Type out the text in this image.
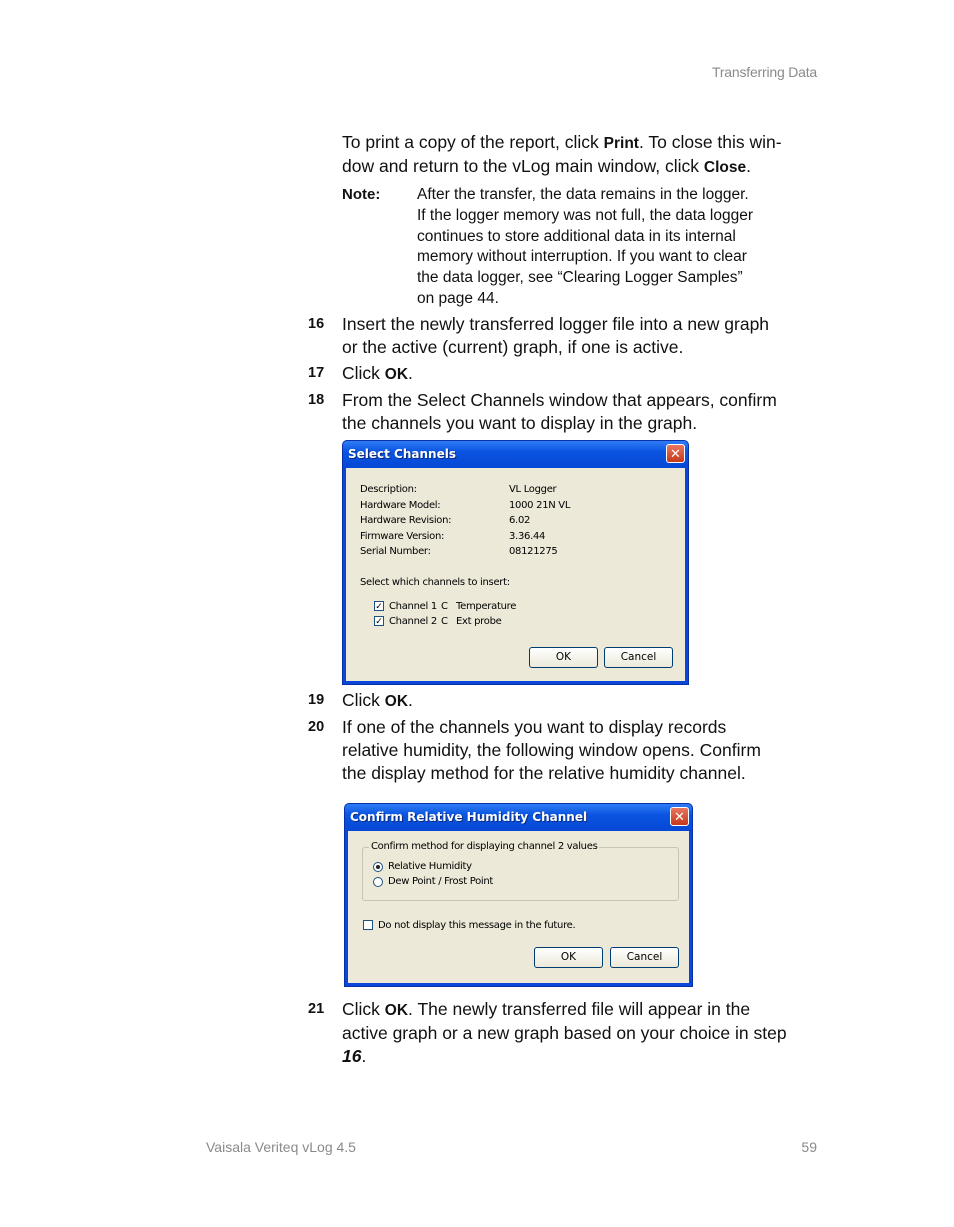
Transferring Data
To print a copy of the report, click Print. To close this win-
dow and return to the vLog main window, click Close.
Note: After the transfer, the data remains in the logger.
If the logger memory was not full, the data logger
continues to store additional data in its internal
memory without interruption. If you want to clear
the data logger, see “Clearing Logger Samples”
on page 44.
16 Insert the newly transferred logger file into a new graph
or the active (current) graph, if one is active.
17 Click OK.
18 From the Select Channels window that appears, confirm
the channels you want to display in the graph.
Select Channels	✕
Description:	VL Logger
Hardware Model:	1000 21N VL
Hardware Revision:	6.02
Firmware Version:	3.36.44
Serial Number:	08121275
Select which channels to insert:
✓ Channel 1 C Temperature
✓ Channel 2 C Ext probe
OK	Cancel
19 Click OK.
20 If one of the channels you want to display records
relative humidity, the following window opens. Confirm
the display method for the relative humidity channel.
Confirm Relative Humidity Channel	✕
Confirm method for displaying channel 2 values
Relative Humidity
Dew Point / Frost Point
Do not display this message in the future.
OK	Cancel
21 Click OK. The newly transferred file will appear in the
active graph or a new graph based on your choice in step
16.
Vaisala Veriteq vLog 4.5	59
